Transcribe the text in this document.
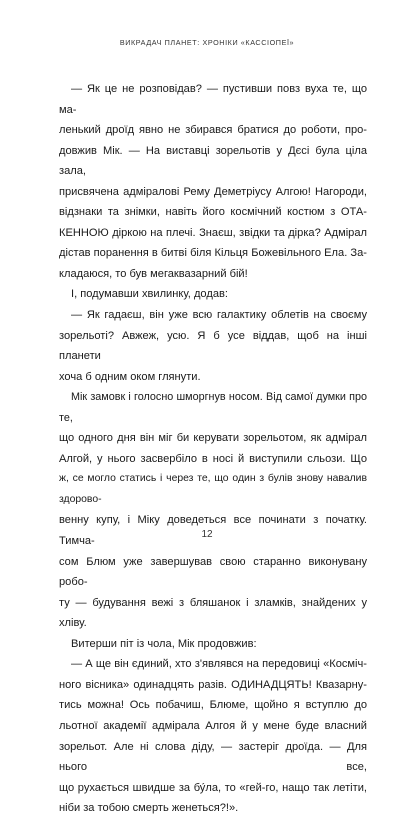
ВИКРАДАЧ ПЛАНЕТ: ХРОНІКИ «КАССІОПЕЇ»

— Як це не розповідав? — пустивши повз вуха те, що ма-

ленький дроїд явно не збирався братися до роботи, про-

довжив Мік. — На виставці зорельотів у Дєсі була ціла зала,

присвячена адміралові Рему Деметріусу Алгою! Нагороди,

відзнаки та знімки, навіть його космічний костюм з ОТА-

КЕННОЮ діркою на плечі. Знаєш, звідки та дірка? Адмірал

дістав поранення в битві біля Кільця Божевільного Ела. За-

кладаюся, то був мегаквазарний бій!

І, подумавши хвилинку, додав:

— Як гадаєш, він уже всю галактику облетів на своєму

зорельоті? Авжеж, усю. Я б усе віддав, щоб на інші планети

хоча б одним оком глянути.

Мік замовк і голосно шморгнув носом. Від самої думки про те,

що одного дня він міг би керувати зорельотом, як адмірал

Алгой, у нього засвербіло в носі й виступили сльози. Що

ж, се могло статись і через те, що один з булів знову навалив здорово-

венну купу, і Міку доведеться все починати з початку. Тимча-

сом Блюм уже завершував свою старанно виконувану робо-

ту — будування вежі з бляшанок і зламків, знайдених у хліву.

Витерши піт із чола, Мік продовжив:

— А ще він єдиний, хто з'являвся на передовиці «Косміч-

ного вісника» одинадцять разів. ОДИНАДЦЯТЬ! Квазарну-

тись можна! Ось побачиш, Блюме, щойно я вступлю до

льотної академії адмірала Алгоя й у мене буде власний

зорельот. Але ні слова діду, — застеріг дроїда. — Для нього все,

що рухається швидше за бу́ла, то «гей-го, нащо так летіти,

ніби за тобою смерть женеться?!».

12
